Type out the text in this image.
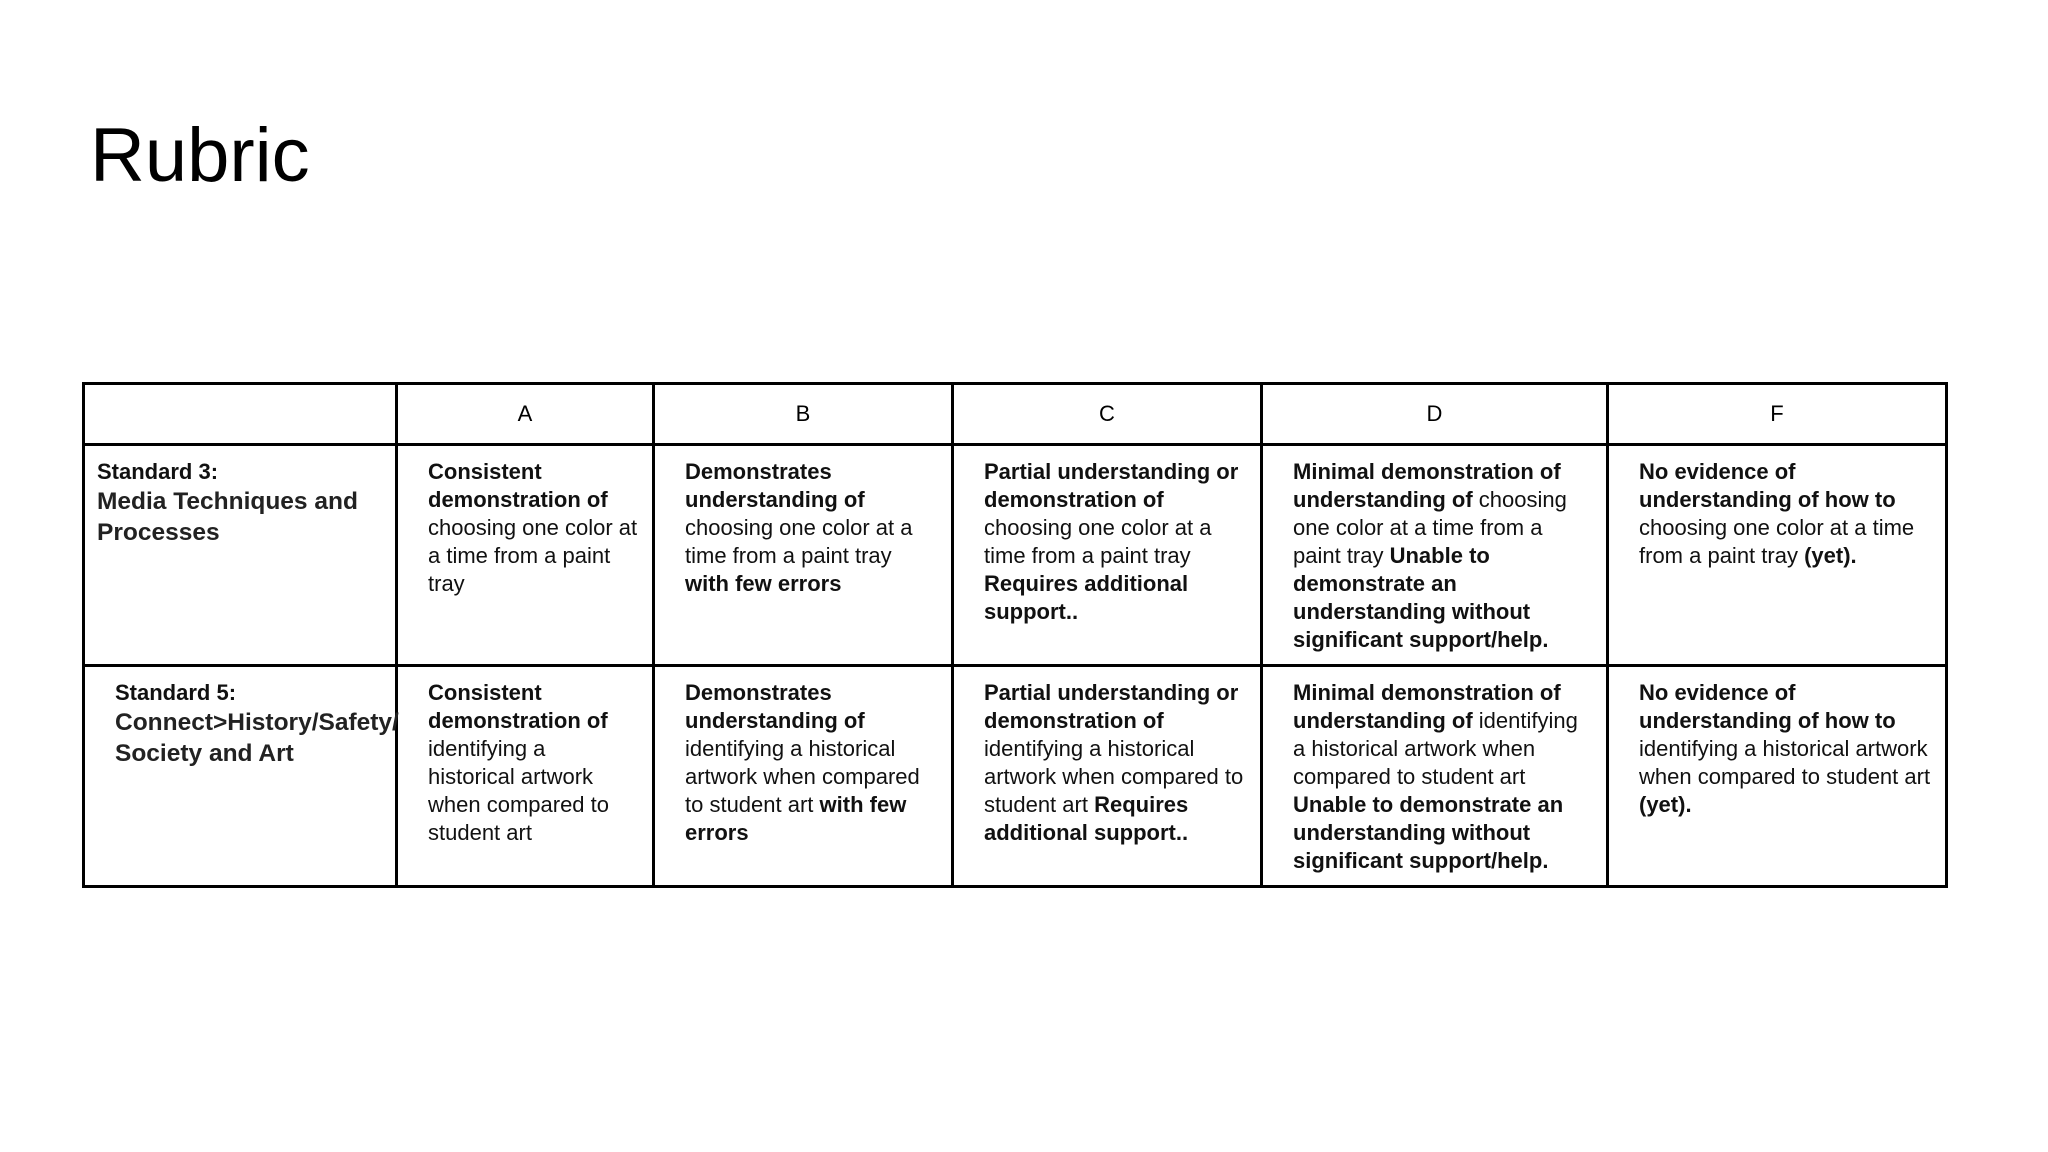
Rubric
	A	B	C	D	F

Standard 3:
Media Techniques and Processes	Consistent demonstration of choosing one color at a time from a paint tray	Demonstrates understanding of choosing one color at a time from a paint tray with few errors	Partial understanding or demonstration of choosing one color at a time from a paint tray Requires additional support..	Minimal demonstration of understanding of choosing one color at a time from a paint tray Unable to demonstrate an understanding without significant support/help.	No evidence of understanding of how to choosing one color at a time from a paint tray (yet).

Standard 5:
Connect>History/Safety/ Society and Art	Consistent demonstration of identifying a historical artwork when compared to student art	Demonstrates understanding of identifying a historical artwork when compared to student art with few errors	Partial understanding or demonstration of identifying a historical artwork when compared to student art Requires additional support..	Minimal demonstration of understanding of identifying a historical artwork when compared to student art Unable to demonstrate an understanding without significant support/help.	No evidence of understanding of how to identifying a historical artwork when compared to student art (yet).
